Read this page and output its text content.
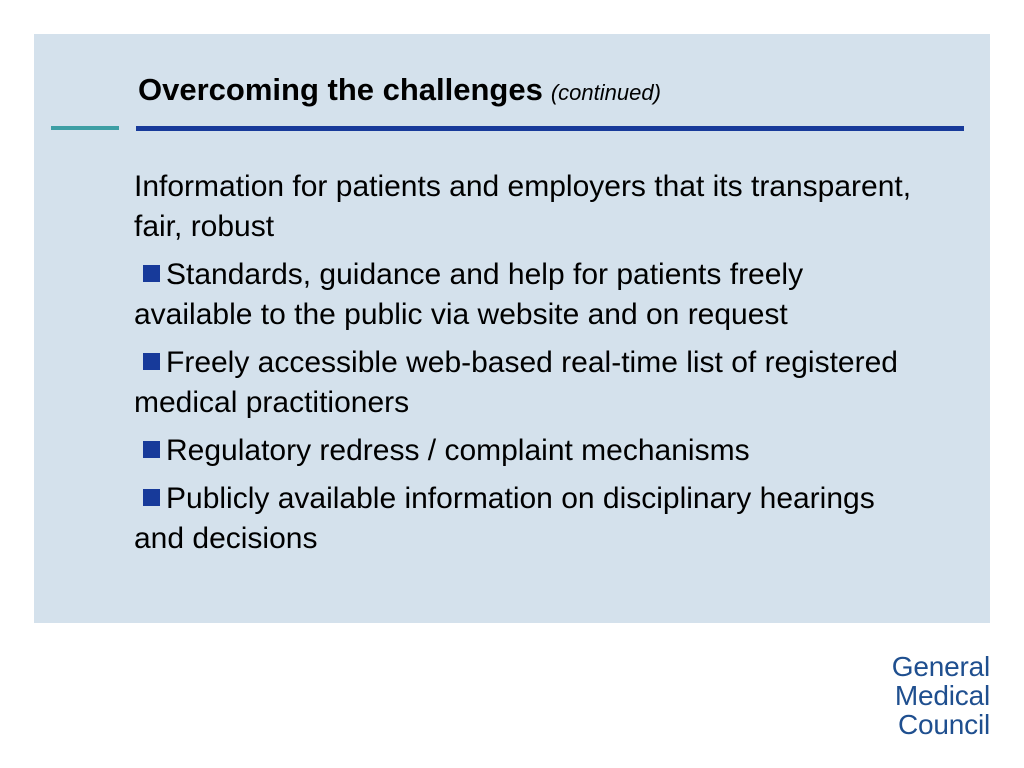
Overcoming the challenges (continued)

Information for patients and employers that its transparent, fair, robust

Standards, guidance and help for patients freely available to the public via website and on request

Freely accessible web-based real-time list of registered medical practitioners

Regulatory redress / complaint mechanisms

Publicly available information on disciplinary hearings and decisions

General
Medical
Council
